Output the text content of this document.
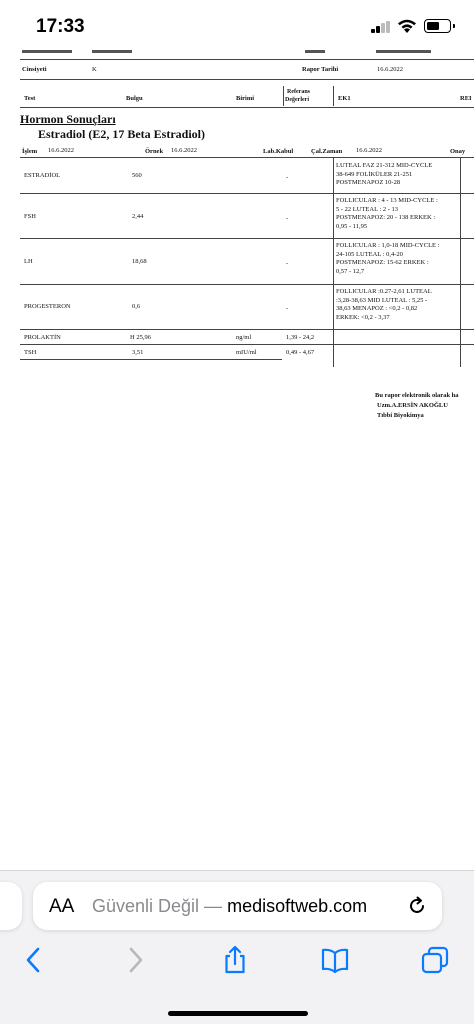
17:33
Cinsiyeti	K	Rapor Tarihi	16.6.2022
Test	Bulgu	Birimi
Referans
Değerleri	EK1	REI
Hormon Sonuçları
Estradiol (E2, 17 Beta Estradiol)
İşlem 16.6.2022	Örnek 16.6.2022	Lab.Kabul	Çal.Zaman 16.6.2022	Onay
ESTRADİOL	560	-
LUTEAL FAZ 21-312 MID-CYCLE
38-649 FOLİKÜLER 21-251
POSTMENAPOZ 10-28
FSH	2,44	-
FOLLICULAR : 4 - 13 MID-CYCLE :
5 - 22 LUTEAL : 2 - 13
POSTMENAPOZ: 20 - 138 ERKEK :
0,95 - 11,95
LH	18,68	-
FOLLICULAR : 1,0-18 MID-CYCLE :
24-105 LUTEAL : 0,4-20
POSTMENAPOZ: 15-62 ERKEK :
0,57 - 12,7
PROGESTERON	0,6	-
FOLLICULAR :0.27-2,61 LUTEAL
:3,28-38,63 MID LUTEAL : 5,25 -
38,63 MENAPOZ : <0,2 - 0,82
ERKEK: <0,2 - 3,37
PROLAKTİN	H 25,96	ng/ml	1,39 - 24,2
TSH	3,51	mIU/ml	0,49 - 4,67
Bu rapor elektronik olarak ha
Uzm.A.ERSİN AKOĞLU
Tıbbi Biyokimya
AA Güvenli Değil — medisoftweb.com
